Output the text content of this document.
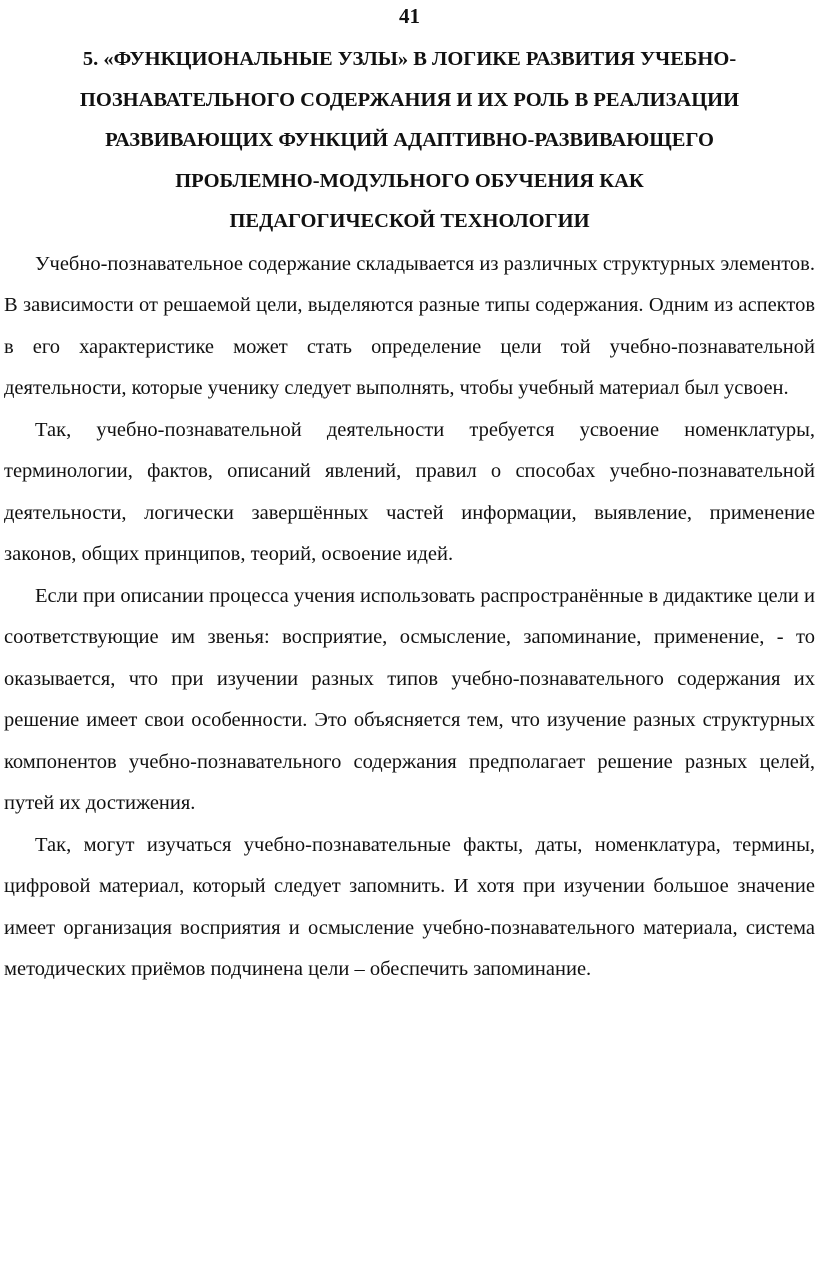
41
5. «ФУНКЦИОНАЛЬНЫЕ УЗЛЫ» В ЛОГИКЕ РАЗВИТИЯ УЧЕБНО-
ПОЗНАВАТЕЛЬНОГО СОДЕРЖАНИЯ И ИХ РОЛЬ В РЕАЛИЗАЦИИ
РАЗВИВАЮЩИХ ФУНКЦИЙ АДАПТИВНО-РАЗВИВАЮЩЕГО
ПРОБЛЕМНО-МОДУЛЬНОГО ОБУЧЕНИЯ КАК
ПЕДАГОГИЧЕСКОЙ ТЕХНОЛОГИИ

Учебно-познавательное содержание складывается из различных структурных элементов. В зависимости от решаемой цели, выделяются разные типы содержания. Одним из аспектов в его характеристике может стать определение цели той учебно-познавательной деятельности, которые ученику следует выполнять, чтобы учебный материал был усвоен.

Так, учебно-познавательной деятельности требуется усвоение номенклатуры, терминологии, фактов, описаний явлений, правил о способах учебно-познавательной деятельности, логически завершённых частей информации, выявление, применение законов, общих принципов, теорий, освоение идей.

Если при описании процесса учения использовать распространённые в дидактике цели и соответствующие им звенья: восприятие, осмысление, запоминание, применение, - то оказывается, что при изучении разных типов учебно-познавательного содержания их решение имеет свои особенности. Это объясняется тем, что изучение разных структурных компонентов учебно-познавательного содержания предполагает решение разных целей, путей их достижения.

Так, могут изучаться учебно-познавательные факты, даты, номенклатура, термины, цифровой материал, который следует запомнить. И хотя при изучении большое значение имеет организация восприятия и осмысление учебно-познавательного материала, система методических приёмов подчинена цели – обеспечить запоминание.
